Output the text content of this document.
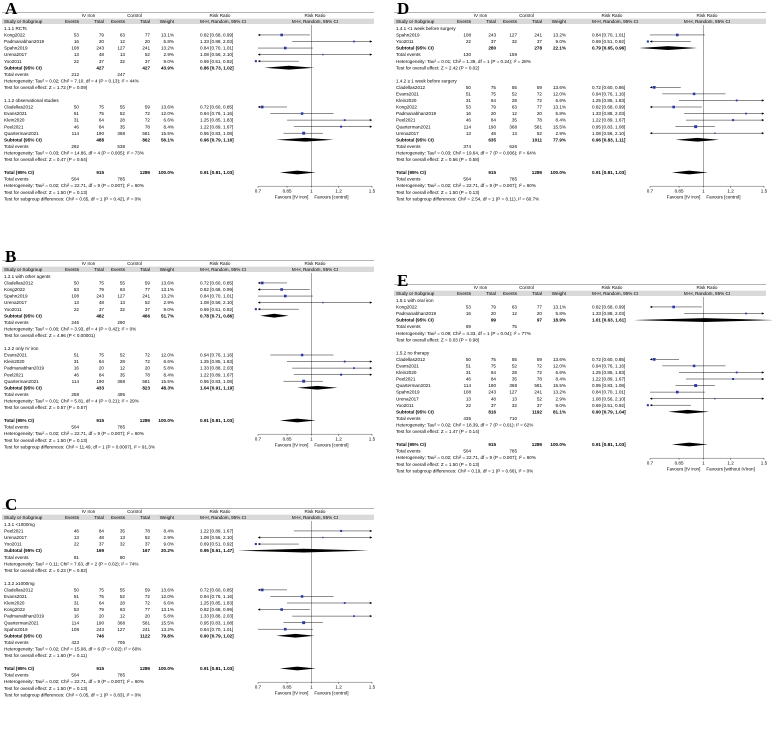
A	IV Iron	Control	Risk Ratio	Risk Ratio
Study or Subgroup	Events	Total Events	Total Weight	M-H, Random, 95% CI	M-H, Random, 95% CI
1.1.1 RCTs
Kong2022	53	79	63	77 13.1%	0.82 [0.68, 0.99]
Padmanabhan2019	16	20	12	20	5.8%	1.33 [0.88, 2.03]
Spahn2019	108	243	127	241 13.2%	0.84 [0.70, 1.01]
Urena2017	13	48	13	52	2.9%	1.08 [0.56, 2.10]
Yoo2011	22	37	32	37	9.0%	0.69 [0.51, 0.92]
Subtotal (95% CI)	427	427 43.9%	0.86 [0.73, 1.02]
Total events	212	247
Heterogeneity: Tau² = 0.02; Chi² = 7.10, df = 4 (P = 0.13); I² = 44%
Test for overall effect: Z = 1.72 (P = 0.09)
1.1.2 observational studies
Cladellas2012	50	75	55	59 13.6%	0.72 [0.60, 0.85]
Evans2021	51	75	52	72 12.0%	0.94 [0.76, 1.16]
Klein2020	31	64	28	72	6.6%	1.25 [0.85, 1.83]
Peel2021	46	84	35	78	8.4%	1.22 [0.89, 1.67]
Quarterman2021	114	190	368	581 15.5%	0.95 [0.83, 1.08]
Subtotal (95% CI)	488	862 56.1%	0.96 [0.79, 1.16]
Total events	292	538
Heterogeneity: Tau² = 0.03; Chi² = 14.86, df = 4 (P = 0.005); I² = 73%
Test for overall effect: Z = 0.47 (P = 0.64)
Total (95% CI)	915	1289 100.0%	0.91 [0.81, 1.03]
Total events	504	785
Heterogeneity: Tau² = 0.02; Chi² = 22.71, df = 9 (P = 0.007); I² = 60%
Test for overall effect: Z = 1.50 (P = 0.13)
Test for subgroup differences: Chi² = 0.65, df = 1 (P = 0.42), I² = 0%
0.7	0.85	1	1.2	1.5
Favours [IV iron] Favours [control]
B	IV Iron	Control	Risk Ratio	Risk Ratio
Study or Subgroup	Events	Total Events	Total Weight	M-H, Random, 95% CI	M-H, Random, 95% CI
1.2.1 with other agents
Cladellas2012	50	75	55	59 13.6%	0.72 [0.60, 0.85]
Kong2022	53	79	63	77 13.1%	0.82 [0.68, 0.99]
Spahn2019	108	243	127	241 13.2%	0.84 [0.70, 1.01]
Urena2017	13	48	13	52	2.9%	1.08 [0.56, 2.10]
Yoo2011	22	37	32	37	9.0%	0.69 [0.51, 0.92]
Subtotal (95% CI)	482	466 51.7%	0.78 [0.71, 0.86]
Total events	246	290
Heterogeneity: Tau² = 0.00; Chi² = 3.93, df = 4 (P = 0.42); I² = 0%
Test for overall effect: Z = 4.96 (P < 0.00001)
1.2.2 only IV iron
Evans2021	51	75	52	72 12.0%	0.94 [0.76, 1.16]
Klein2020	31	64	28	72	6.6%	1.25 [0.85, 1.83]
Padmanabhan2019	16	20	12	20	5.8%	1.33 [0.88, 2.03]
Peel2021	46	84	35	78	8.4%	1.22 [0.89, 1.67]
Quarterman2021	114	190	368	581 15.5%	0.95 [0.83, 1.08]
Subtotal (95% CI)	433	823 48.3%	1.04 [0.91, 1.19]
Total events	258	495
Heterogeneity: Tau² = 0.01; Chi² = 5.81, df = 4 (P = 0.21); I² = 29%
Test for overall effect: Z = 0.57 (P = 0.57)
Total (95% CI)	915	1289 100.0%	0.91 [0.81, 1.03]
Total events	504	785
Heterogeneity: Tau² = 0.02; Chi² = 22.71, df = 9 (P = 0.007); I² = 60%
Test for overall effect: Z = 1.50 (P = 0.13)
Test for subgroup differences: Chi² = 11.49, df = 1 (P = 0.0007), I² = 91.3%
0.7	0.85	1	1.2	1.5
Favours [IV iron] Favours [control]
C	IV Iron	Control	Risk Ratio	Risk Ratio
Study or Subgroup	Events	Total Events	Total Weight	M-H, Random, 95% CI	M-H, Random, 95% CI
1.3.1 <1000mg
Peel2021	46	84	35	78	8.4%	1.22 [0.89, 1.67]
Urena2017	13	48	13	52	2.9%	1.08 [0.56, 2.10]
Yoo2011	22	37	32	37	9.0%	0.69 [0.51, 0.92]
Subtotal (95% CI)	169	167 20.2%	0.95 [0.61, 1.47]
Total events	81	80
Heterogeneity: Tau² = 0.11; Chi² = 7.63, df = 2 (P = 0.02); I² = 74%
Test for overall effect: Z = 0.23 (P = 0.82)
1.3.2 ≥1000mg
Cladellas2012	50	75	55	59 13.6%	0.72 [0.60, 0.85]
Evans2021	51	75	52	72 12.0%	0.94 [0.76, 1.16]
Klein2020	31	64	28	72	6.6%	1.25 [0.85, 1.83]
Kong2022	53	79	63	77 13.1%	0.82 [0.68, 0.99]
Padmanabhan2019	16	20	12	20	5.8%	1.33 [0.88, 2.03]
Quarterman2021	114	190	368	581 15.5%	0.95 [0.83, 1.08]
Spahn2019	108	243	127	241 13.2%	0.84 [0.70, 1.01]
Subtotal (95% CI)	746	1122 79.8%	0.90 [0.79, 1.02]
Total events	423	705
Heterogeneity: Tau² = 0.02; Chi² = 15.08, df = 6 (P = 0.02); I² = 60%
Test for overall effect: Z = 1.60 (P = 0.11)
Total (95% CI)	915	1289 100.0%	0.91 [0.81, 1.03]
Total events	504	785
Heterogeneity: Tau² = 0.02; Chi² = 22.71, df = 9 (P = 0.007); I² = 60%
Test for overall effect: Z = 1.50 (P = 0.13)
Test for subgroup differences: Chi² = 0.05, df = 1 (P = 0.83), I² = 0%
0.7	0.85	1	1.2	1.5
Favours [IV iron] Favours [control]
D	IV Iron	Control	Risk Ratio	Risk Ratio
Study or Subgroup	Events	Total Events	Total Weight	M-H, Random, 95% CI	M-H, Random, 95% CI
1.4.1 <1 week before surgery
Spahn2019	108	243	127	241 13.2%	0.84 [0.70, 1.01]
Yoo2011	22	37	32	37	9.0%	0.69 [0.51, 0.92]
Subtotal (95% CI)	280	278 22.1%	0.79 [0.65, 0.96]
Total events	130	159
Heterogeneity: Tau² = 0.01; Chi² = 1.39, df = 1 (P = 0.24); I² = 28%
Test for overall effect: Z = 2.42 (P = 0.02)
1.4.2 ≥ 1 week before surgery
Cladellas2012	50	75	55	59 13.6%	0.72 [0.60, 0.86]
Evans2021	51	75	52	72 12.0%	0.94 [0.76, 1.16]
Klein2020	31	64	28	72	6.6%	1.25 [0.85, 1.83]
Kong2022	53	79	63	77 13.1%	0.82 [0.68, 0.99]
Padmanabhan2019	16	20	12	20	5.8%	1.33 [0.88, 2.03]
Peel2021	46	84	35	78	8.4%	1.22 [0.89, 1.67]
Quarterman2021	114	190	368	581 15.5%	0.95 [0.83, 1.08]
Urena2017	13	48	13	52	2.9%	1.08 [0.56, 2.10]
Subtotal (95% CI)	635	1011 77.9%	0.96 [0.83, 1.11]
Total events	374	626
Heterogeneity: Tau² = 0.03; Chi² = 19.64, df = 7 (P = 0.006); I² = 64%
Test for overall effect: Z = 0.56 (P = 0.58)
Total (95% CI)	915	1289 100.0%	0.91 [0.81, 1.03]
Total events	504	785
Heterogeneity: Tau² = 0.02; Chi² = 22.71, df = 9 (P = 0.007); I² = 60%
Test for overall effect: Z = 1.50 (P = 0.13)
Test for subgroup differences: Chi² = 2.54, df = 1 (P = 0.11), I² = 60.7%
0.7	0.85	1	1.2	1.5
Favours [IV iron] Favours [control]
E	IV Iron	Control	Risk Ratio	Risk Ratio
Study or Subgroup	Events	Total Events	Total Weight	M-H, Random, 95% CI	M-H, Random, 95% CI
1.5.1 with oral iron
Kong2022	53	79	63	77 13.1%	0.82 [0.68, 0.99]
Padmanabhan2019	16	20	12	20	5.8%	1.33 [0.88, 2.03]
Subtotal (95% CI)	99	97 18.9%	1.01 [0.63, 1.61]
Total events	69	75
Heterogeneity: Tau² = 0.09; Chi² = 4.33, df = 1 (P = 0.04); I² = 77%
Test for overall effect: Z = 0.03 (P = 0.98)
1.5.2 no therapy
Cladellas2012	50	75	55	59 13.6%	0.72 [0.60, 0.85]
Evans2021	51	75	52	72 12.0%	0.94 [0.76, 1.16]
Klein2020	31	64	28	72	6.6%	1.25 [0.85, 1.83]
Peel2021	46	84	35	78	8.4%	1.22 [0.89, 1.67]
Quarterman2021	114	190	368	581 15.5%	0.95 [0.83, 1.08]
Spahn2019	108	243	127	241 13.2%	0.84 [0.70, 1.01]
Urena2017	13	48	13	52	2.9%	1.08 [0.56, 2.10]
Yoo2011	22	37	32	37	9.0%	0.69 [0.51, 0.92]
Subtotal (95% CI)	816	1192 81.1%	0.90 [0.79, 1.04]
Total events	435	710
Heterogeneity: Tau² = 0.02; Chi² = 18.39, df = 7 (P = 0.01); I² = 62%
Test for overall effect: Z = 1.47 (P = 0.14)
Total (95% CI)	915	1289 100.0%	0.91 [0.81, 1.03]
Total events	504	785
Heterogeneity: Tau² = 0.02; Chi² = 22.71, df = 9 (P = 0.007); I² = 60%
Test for overall effect: Z = 1.50 (P = 0.13)
Test for subgroup differences: Chi² = 0.19, df = 1 (P = 0.66), I² = 0%
0.7	0.85	1	1.2	1.5
Favours [IV iron] Favours [without IVIron]
